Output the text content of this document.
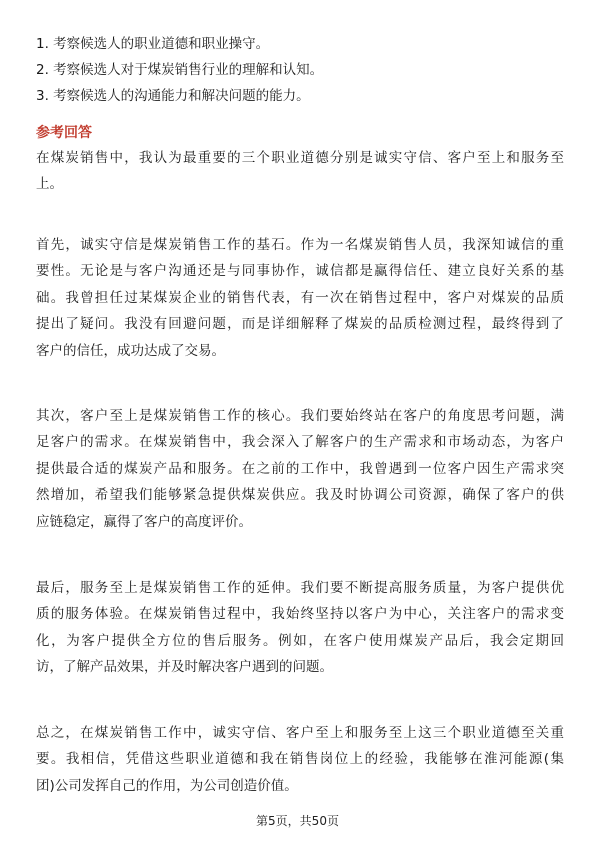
1. 考察候选人的职业道德和职业操守。
2. 考察候选人对于煤炭销售行业的理解和认知。
3. 考察候选人的沟通能力和解决问题的能力。
参考回答

在煤炭销售中，我认为最重要的三个职业道德分别是诚实守信、客户至上和服务至
上。

首先，诚实守信是煤炭销售工作的基石。作为一名煤炭销售人员，我深知诚信的重
要性。无论是与客户沟通还是与同事协作，诚信都是赢得信任、建立良好关系的基
础。我曾担任过某煤炭企业的销售代表，有一次在销售过程中，客户对煤炭的品质
提出了疑问。我没有回避问题，而是详细解释了煤炭的品质检测过程，最终得到了
客户的信任，成功达成了交易。

其次，客户至上是煤炭销售工作的核心。我们要始终站在客户的角度思考问题，满
足客户的需求。在煤炭销售中，我会深入了解客户的生产需求和市场动态，为客户
提供最合适的煤炭产品和服务。在之前的工作中，我曾遇到一位客户因生产需求突
然增加，希望我们能够紧急提供煤炭供应。我及时协调公司资源，确保了客户的供
应链稳定，赢得了客户的高度评价。

最后，服务至上是煤炭销售工作的延伸。我们要不断提高服务质量，为客户提供优
质的服务体验。在煤炭销售过程中，我始终坚持以客户为中心，关注客户的需求变
化，为客户提供全方位的售后服务。例如，在客户使用煤炭产品后，我会定期回
访，了解产品效果，并及时解决客户遇到的问题。

总之，在煤炭销售工作中，诚实守信、客户至上和服务至上这三个职业道德至关重
要。我相信，凭借这些职业道德和我在销售岗位上的经验，我能够在淮河能源(集
团)公司发挥自己的作用，为公司创造价值。

第5页，共50页
